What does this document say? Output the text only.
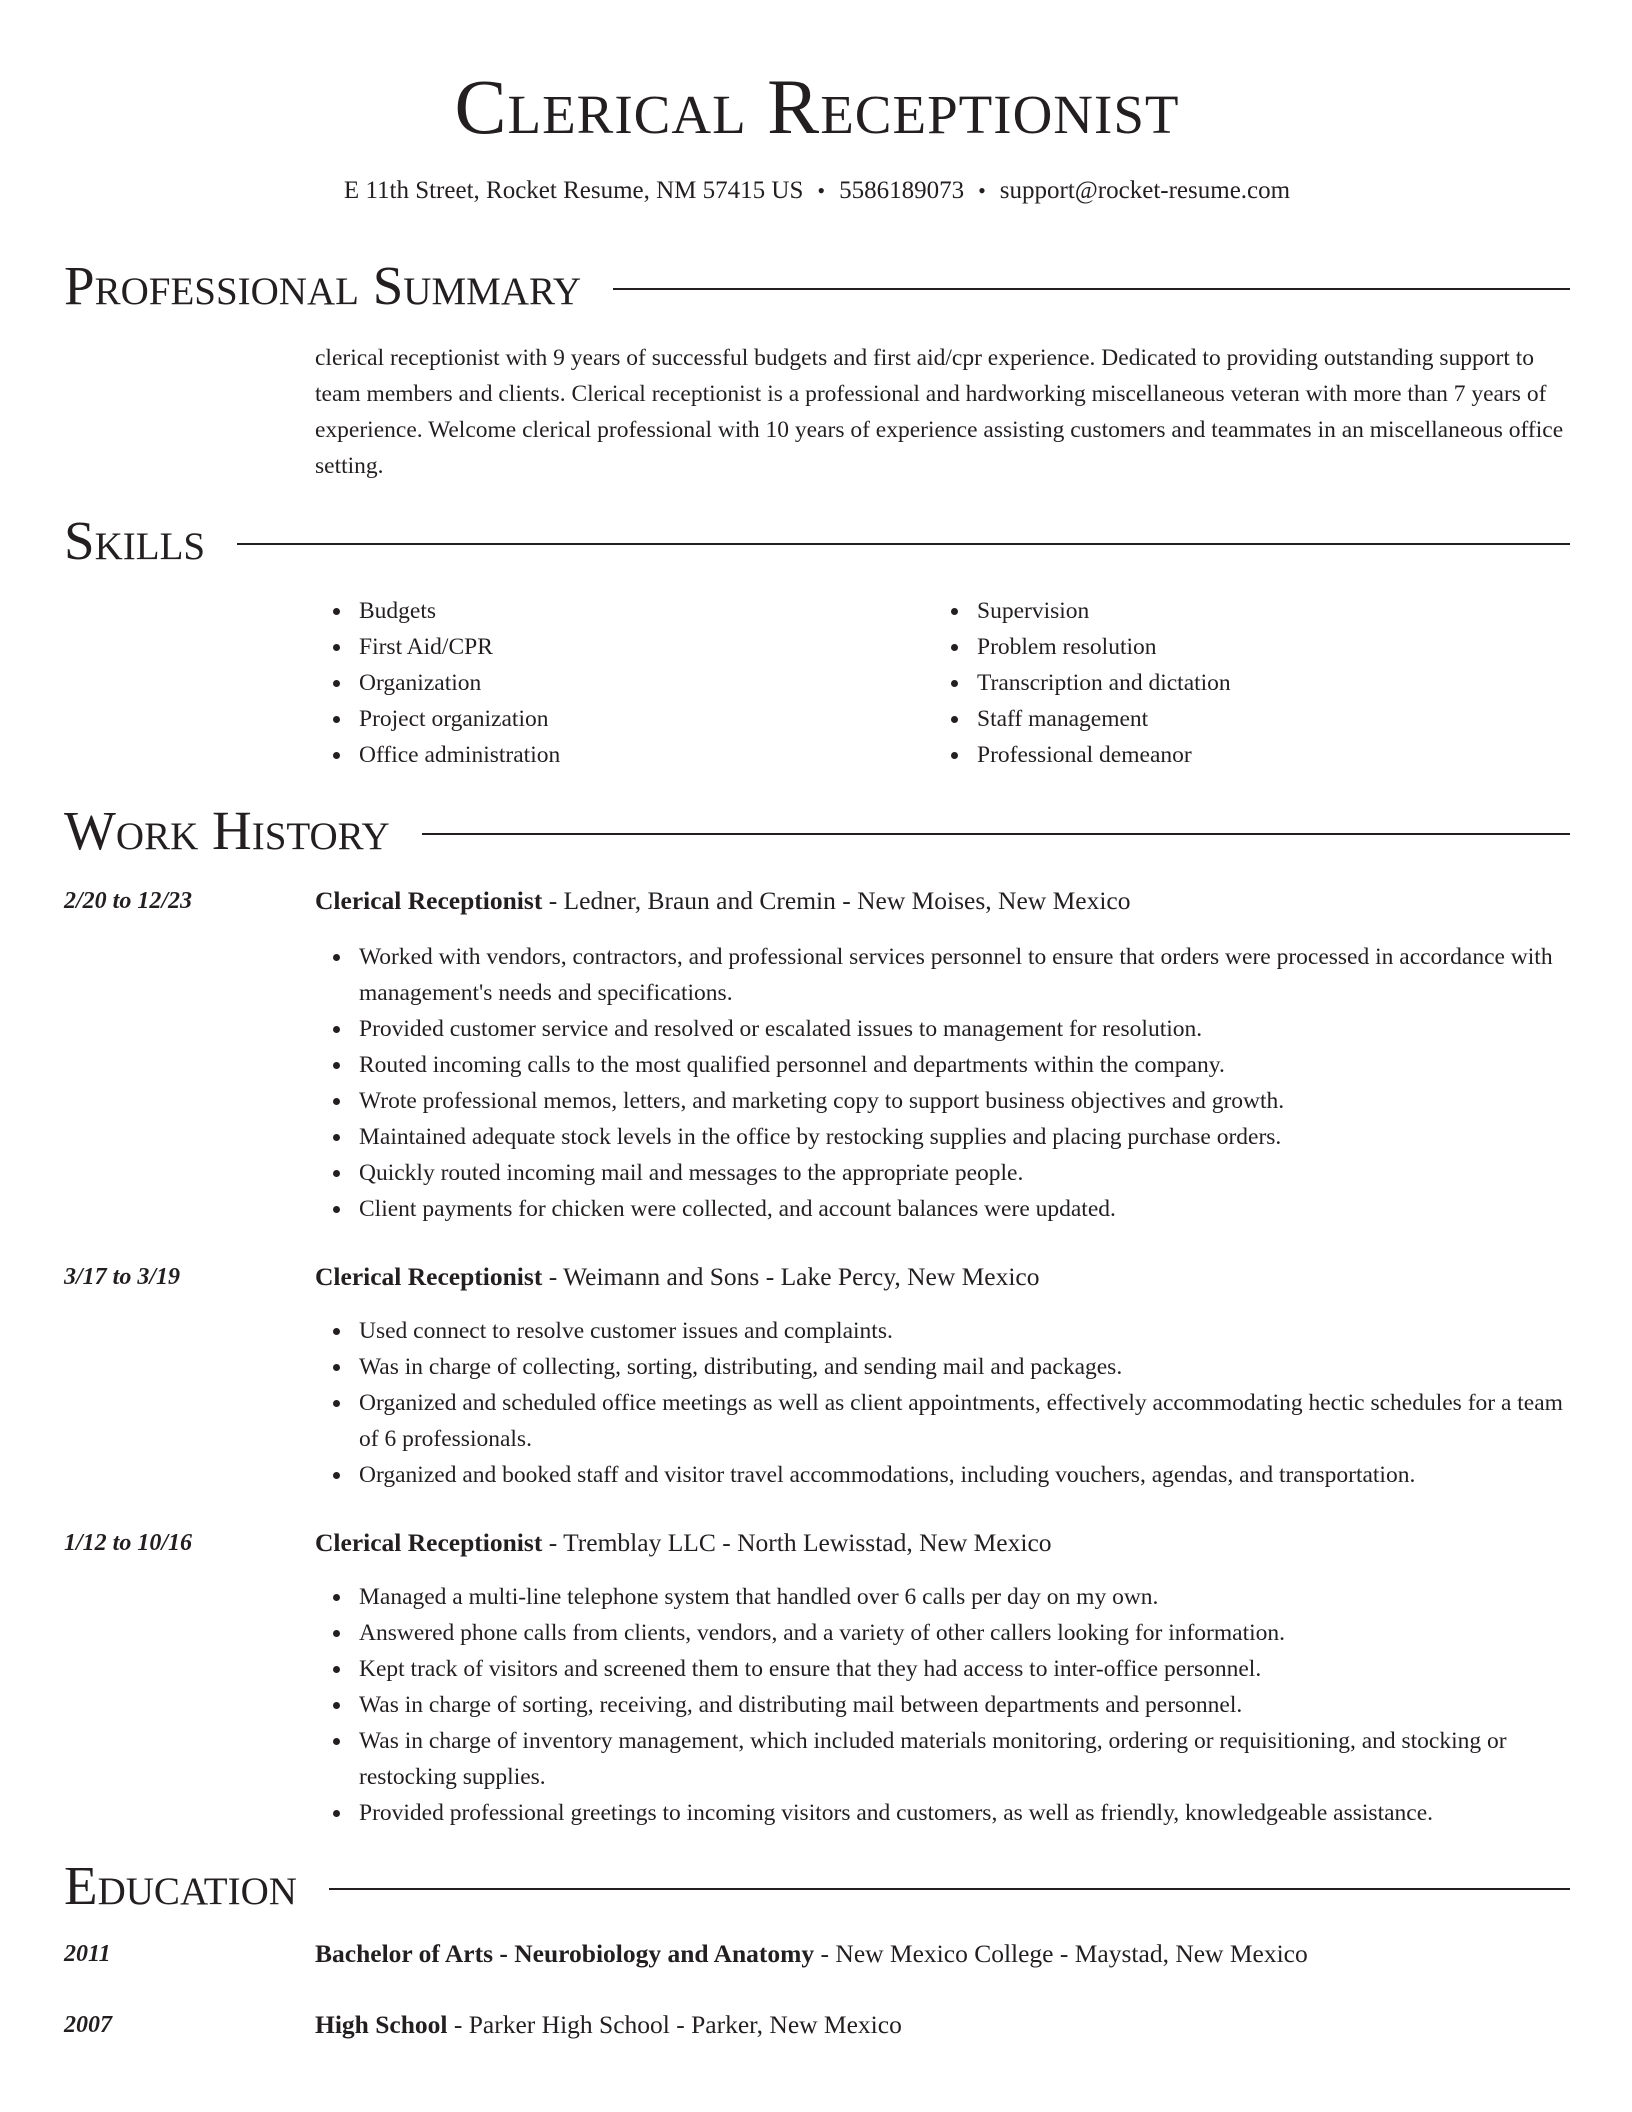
Clerical Receptionist
E 11th Street, Rocket Resume, NM 57415 US • 5586189073 • support@rocket-resume.com
Professional Summary
clerical receptionist with 9 years of successful budgets and first aid/cpr experience. Dedicated to providing outstanding support to team members and clients. Clerical receptionist is a professional and hardworking miscellaneous veteran with more than 7 years of experience. Welcome clerical professional with 10 years of experience assisting customers and teammates in an miscellaneous office setting.
Skills
Budgets
First Aid/CPR
Organization
Project organization
Office administration
Supervision
Problem resolution
Transcription and dictation
Staff management
Professional demeanor
Work History
2/20 to 12/23	Clerical Receptionist - Ledner, Braun and Cremin - New Moises, New Mexico
Worked with vendors, contractors, and professional services personnel to ensure that orders were processed in accordance with management's needs and specifications.
Provided customer service and resolved or escalated issues to management for resolution.
Routed incoming calls to the most qualified personnel and departments within the company.
Wrote professional memos, letters, and marketing copy to support business objectives and growth.
Maintained adequate stock levels in the office by restocking supplies and placing purchase orders.
Quickly routed incoming mail and messages to the appropriate people.
Client payments for chicken were collected, and account balances were updated.
3/17 to 3/19	Clerical Receptionist - Weimann and Sons - Lake Percy, New Mexico
Used connect to resolve customer issues and complaints.
Was in charge of collecting, sorting, distributing, and sending mail and packages.
Organized and scheduled office meetings as well as client appointments, effectively accommodating hectic schedules for a team of 6 professionals.
Organized and booked staff and visitor travel accommodations, including vouchers, agendas, and transportation.
1/12 to 10/16	Clerical Receptionist - Tremblay LLC - North Lewisstad, New Mexico
Managed a multi-line telephone system that handled over 6 calls per day on my own.
Answered phone calls from clients, vendors, and a variety of other callers looking for information.
Kept track of visitors and screened them to ensure that they had access to inter-office personnel.
Was in charge of sorting, receiving, and distributing mail between departments and personnel.
Was in charge of inventory management, which included materials monitoring, ordering or requisitioning, and stocking or restocking supplies.
Provided professional greetings to incoming visitors and customers, as well as friendly, knowledgeable assistance.
Education
2011	Bachelor of Arts - Neurobiology and Anatomy - New Mexico College - Maystad, New Mexico
2007	High School - Parker High School - Parker, New Mexico
